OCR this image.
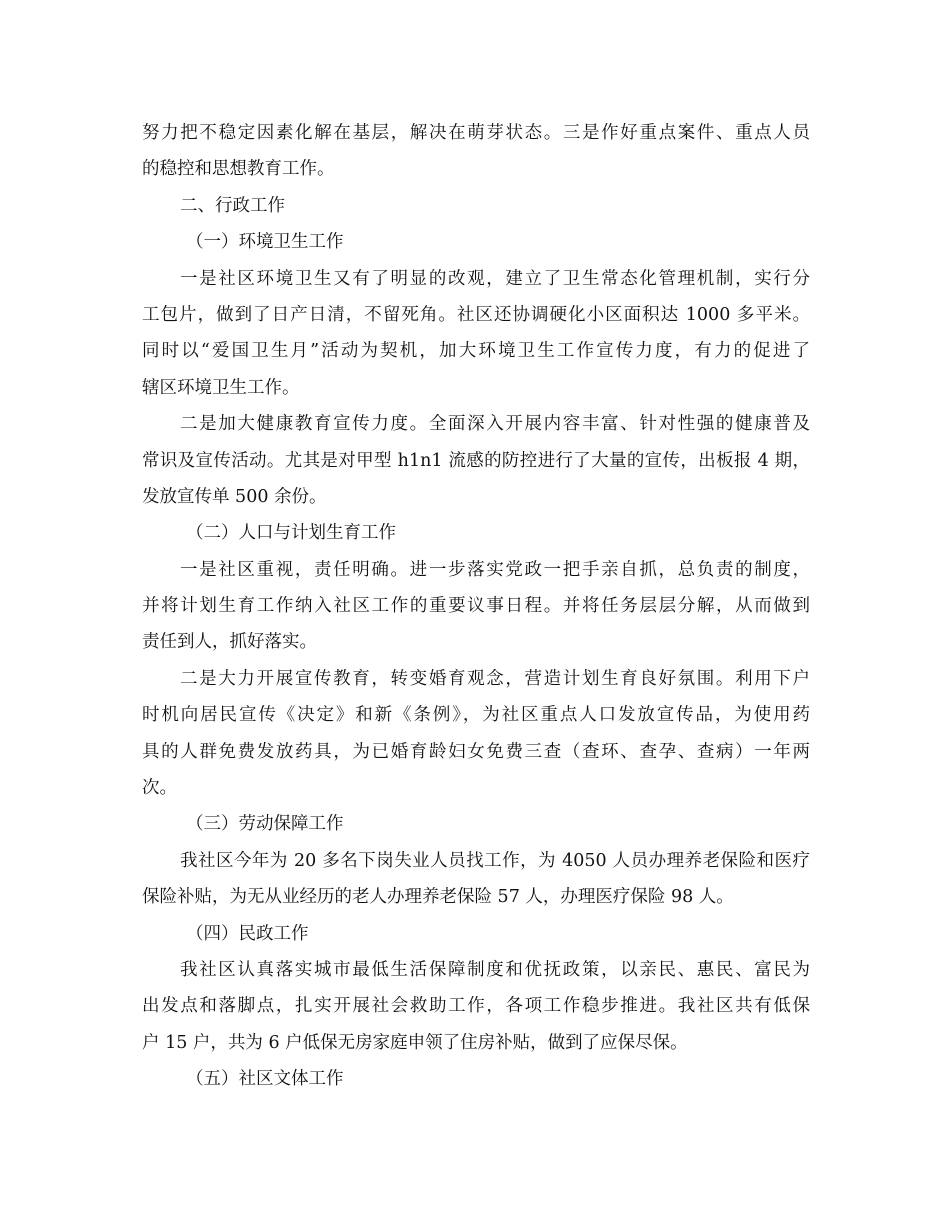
努力把不稳定因素化解在基层，解决在萌芽状态。三是作好重点案件、重点人员
的稳控和思想教育工作。
二、行政工作
（一）环境卫生工作
一是社区环境卫生又有了明显的改观，建立了卫生常态化管理机制，实行分
工包片，做到了日产日清，不留死角。社区还协调硬化小区面积达 1000 多平米。
同时以“爱国卫生月”活动为契机，加大环境卫生工作宣传力度，有力的促进了
辖区环境卫生工作。
二是加大健康教育宣传力度。全面深入开展内容丰富、针对性强的健康普及
常识及宣传活动。尤其是对甲型 h1n1 流感的防控进行了大量的宣传，出板报 4 期，
发放宣传单 500 余份。
（二）人口与计划生育工作
一是社区重视，责任明确。进一步落实党政一把手亲自抓，总负责的制度，
并将计划生育工作纳入社区工作的重要议事日程。并将任务层层分解，从而做到
责任到人，抓好落实。
二是大力开展宣传教育，转变婚育观念，营造计划生育良好氛围。利用下户
时机向居民宣传《决定》和新《条例》，为社区重点人口发放宣传品，为使用药
具的人群免费发放药具，为已婚育龄妇女免费三查（查环、查孕、查病）一年两
次。
（三）劳动保障工作
我社区今年为 20 多名下岗失业人员找工作，为 4050 人员办理养老保险和医疗
保险补贴，为无从业经历的老人办理养老保险 57 人，办理医疗保险 98 人。
（四）民政工作
我社区认真落实城市最低生活保障制度和优抚政策，以亲民、惠民、富民为
出发点和落脚点，扎实开展社会救助工作，各项工作稳步推进。我社区共有低保
户 15 户，共为 6 户低保无房家庭申领了住房补贴，做到了应保尽保。
（五）社区文体工作
